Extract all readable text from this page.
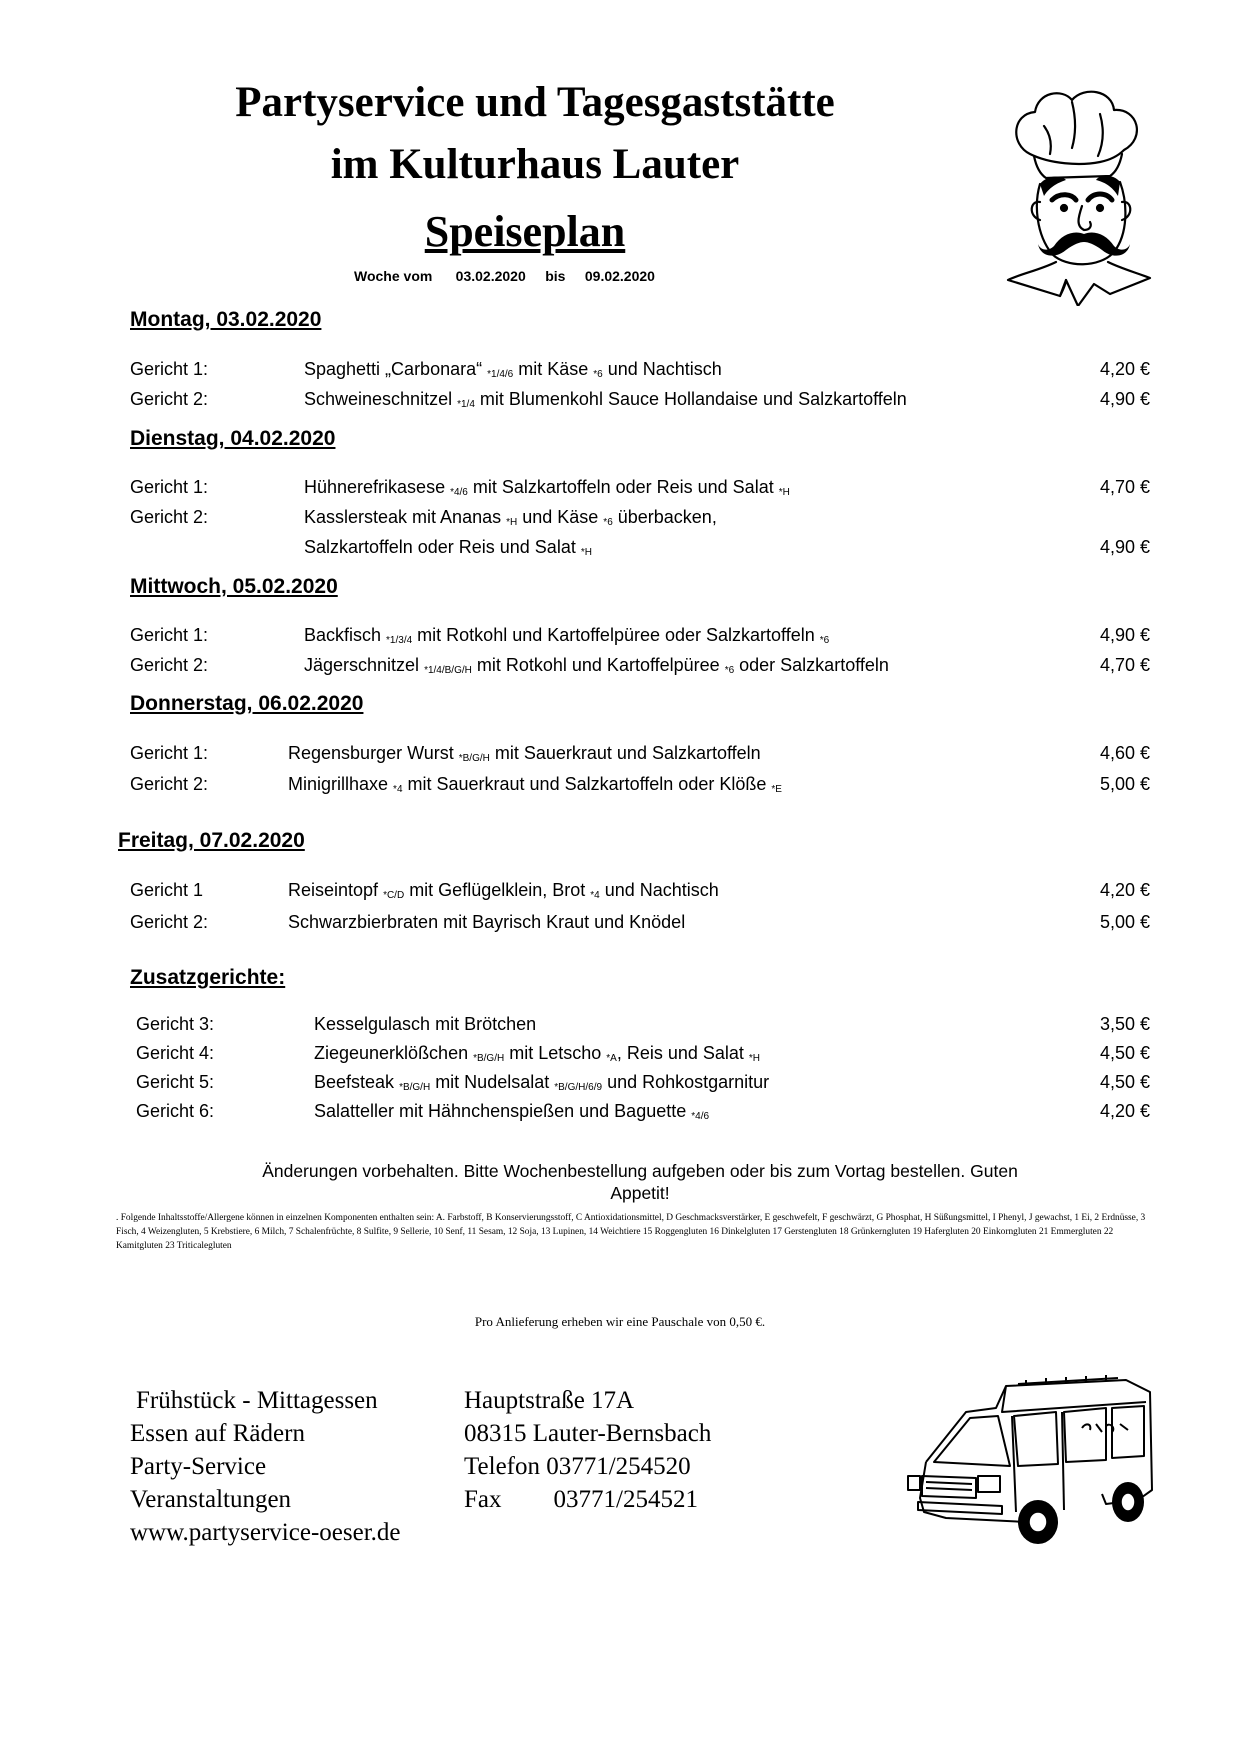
Partyservice und Tagesgaststätte
im Kulturhaus Lauter
Speiseplan
Woche vom 03.02.2020 bis 09.02.2020
Montag, 03.02.2020
Gericht 1:	Spaghetti „Carbonara“ *1/4/6 mit Käse *6 und Nachtisch	4,20 €
Gericht 2:	Schweineschnitzel *1/4 mit Blumenkohl Sauce Hollandaise und Salzkartoffeln	4,90 €
Dienstag, 04.02.2020
Gericht 1:	Hühnerefrikasese *4/6 mit Salzkartoffeln oder Reis und Salat *H	4,70 €
Gericht 2:	Kasslersteak mit Ananas *H und Käse *6 überbacken,
Salzkartoffeln oder Reis und Salat *H	4,90 €
Mittwoch, 05.02.2020
Gericht 1:	Backfisch *1/3/4 mit Rotkohl und Kartoffelpüree oder Salzkartoffeln *6	4,90 €
Gericht 2:	Jägerschnitzel *1/4/B/G/H mit Rotkohl und Kartoffelpüree *6 oder Salzkartoffeln	4,70 €
Donnerstag, 06.02.2020
Gericht 1:	Regensburger Wurst *B/G/H mit Sauerkraut und Salzkartoffeln	4,60 €
Gericht 2:	Minigrillhaxe *4 mit Sauerkraut und Salzkartoffeln oder Klöße *E	5,00 €
Freitag, 07.02.2020
Gericht 1	Reiseintopf *C/D mit Geflügelklein, Brot *4 und Nachtisch	4,20 €
Gericht 2:	Schwarzbierbraten mit Bayrisch Kraut und Knödel	5,00 €
Zusatzgerichte:
Gericht 3:	Kesselgulasch mit Brötchen	3,50 €
Gericht 4:	Ziegeunerklößchen *B/G/H mit Letscho *A, Reis und Salat *H	4,50 €
Gericht 5:	Beefsteak *B/G/H mit Nudelsalat *B/G/H/6/9 und Rohkostgarnitur	4,50 €
Gericht 6:	Salatteller mit Hähnchenspießen und Baguette *4/6	4,20 €
Änderungen vorbehalten. Bitte Wochenbestellung aufgeben oder bis zum Vortag bestellen. Guten
Appetit!
. Folgende Inhaltsstoffe/Allergene können in einzelnen Komponenten enthalten sein: A. Farbstoff, B Konservierungsstoff, C Antioxidationsmittel, D Geschmacksverstärker, E geschwefelt, F geschwärzt, G Phosphat, H Süßungsmittel, I Phenyl, J gewachst, 1 Ei, 2 Erdnüsse, 3 Fisch, 4 Weizengluten, 5 Krebstiere, 6 Milch, 7 Schalenfrüchte, 8 Sulfite, 9 Sellerie, 10 Senf, 11 Sesam, 12 Soja, 13 Lupinen, 14 Weichtiere 15 Roggengluten 16 Dinkelgluten 17 Gerstengluten 18 Grünkerngluten 19 Hafergluten 20 Einkorngluten 21 Emmergluten 22 Kamitgluten 23 Triticalegluten
Pro Anlieferung erheben wir eine Pauschale von 0,50 €.
Frühstück - Mittagessen
Essen auf Rädern
Party-Service
Veranstaltungen
www.partyservice-oeser.de
Hauptstraße 17A
08315 Lauter-Bernsbach
Telefon 03771/254520
Fax 03771/254521
